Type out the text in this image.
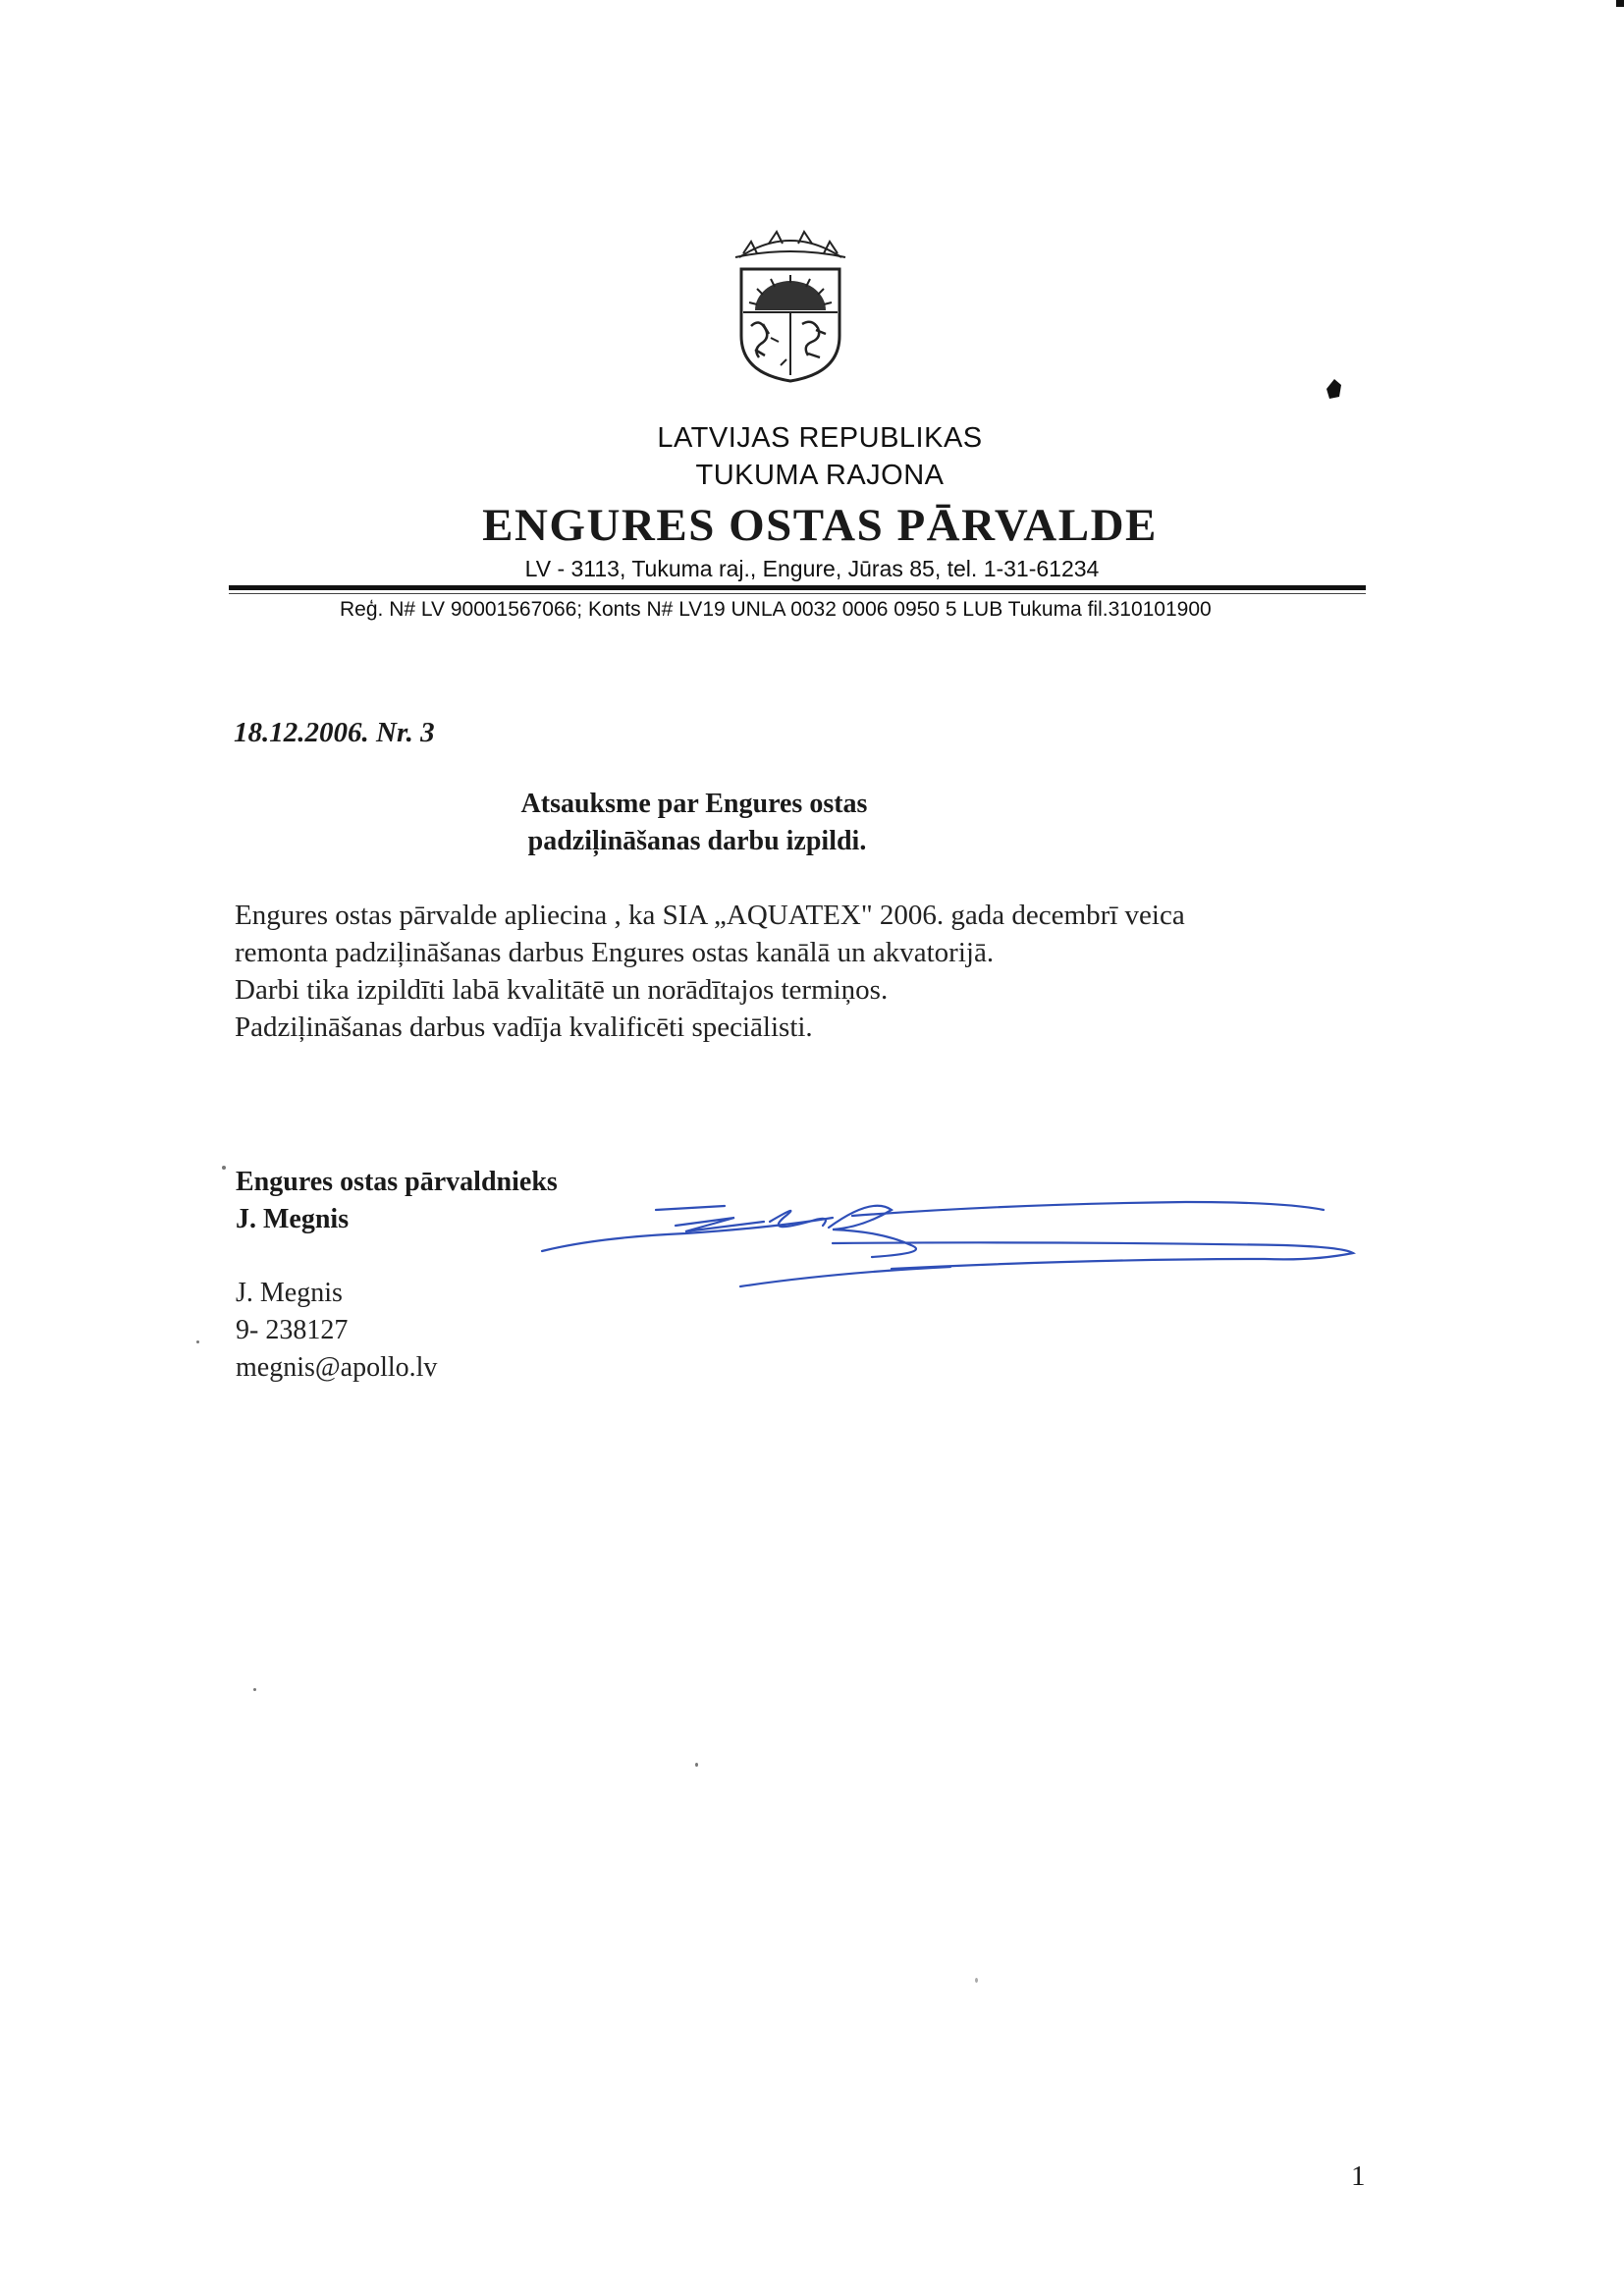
LATVIJAS REPUBLIKAS
TUKUMA RAJONA
ENGURES OSTAS PĀRVALDE
LV - 3113, Tukuma raj., Engure, Jūras 85, tel. 1-31-61234
Reģ. N# LV 90001567066; Konts N# LV19 UNLA 0032 0006 0950 5 LUB Tukuma fil.310101900
18.12.2006. Nr. 3
Atsauksme par Engures ostas
padziļināšanas darbu izpildi.
Engures ostas pārvalde apliecina , ka SIA „AQUATEX" 2006. gada decembrī veica
remonta padziļināšanas darbus Engures ostas kanālā un akvatorijā.
Darbi tika izpildīti labā kvalitātē un norādītajos termiņos.
Padziļināšanas darbus vadīja kvalificēti speciālisti.
Engures ostas pārvaldnieks
J. Megnis
J. Megnis
9- 238127
megnis@apollo.lv
1
